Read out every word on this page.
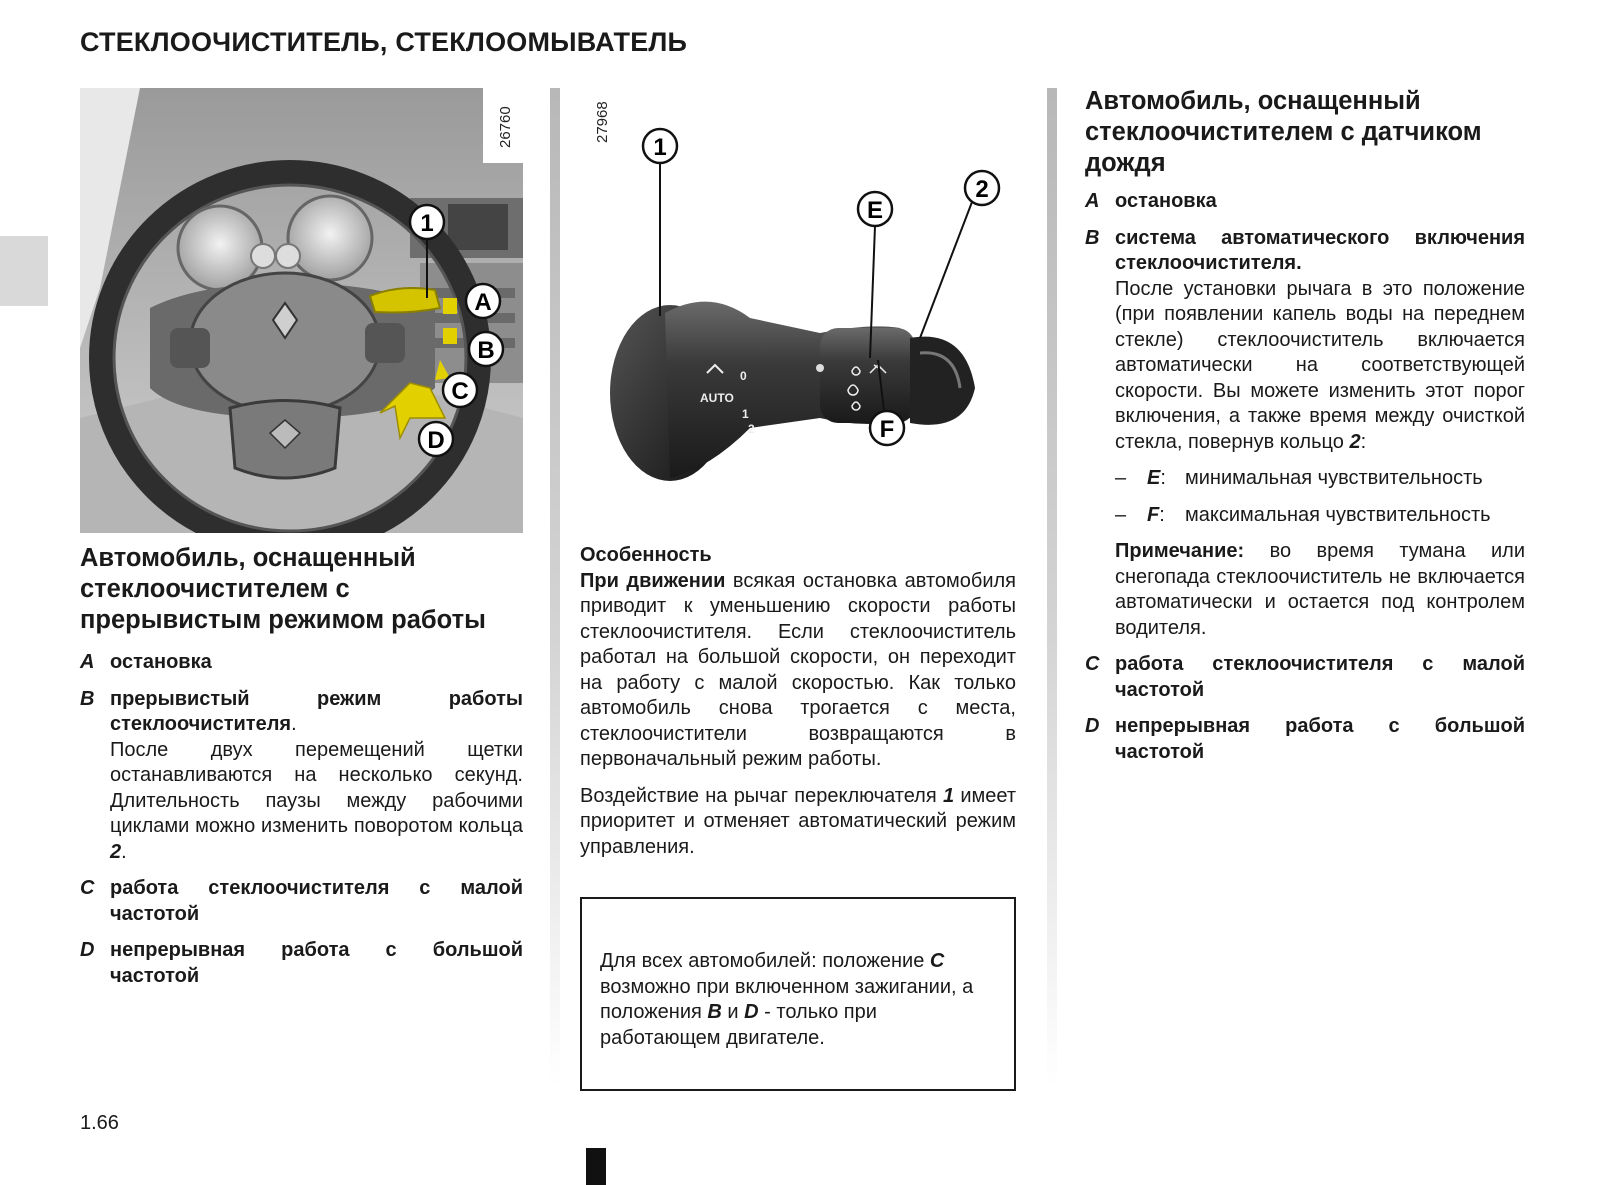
СТЕКЛООЧИСТИТЕЛЬ, СТЕКЛООМЫВАТЕЛЬ
26760
1
A
B
C
D
27968
0
AUTO
1
2
1
2
E
F
Автомобиль, оснащенный стеклоочистителем с прерывистым режимом работы
A остановка
B прерывистый режим работы стеклоочистителя.
После двух перемещений щетки останавливаются на несколько секунд. Длительность паузы между рабочими циклами можно изменить поворотом кольца 2.
C работа стеклоочистителя с малой частотой
D непрерывная работа с большой частотой
Особенность
При движении всякая остановка автомобиля приводит к уменьшению скорости работы стеклоочистителя. Если стеклоочиститель работал на большой скорости, он переходит на работу с малой скоростью. Как только автомобиль снова трогается с места, стеклоочистители возвращаются в первоначальный режим работы.
Воздействие на рычаг переключателя 1 имеет приоритет и отменяет автоматический режим управления.
Для всех автомобилей: положение C возможно при включенном зажигании, а положения B и D - только при работающем двигателе.
Автомобиль, оснащенный стеклоочистителем с датчиком дождя
A остановка
B система автоматического включения стеклоочистителя.
После установки рычага в это положение (при появлении капель воды на переднем стекле) стеклоочиститель включается автоматически на соответствующей скорости. Вы можете изменить этот порог включения, а также время между очисткой стекла, повернув кольцо 2:
– E: минимальная чувствительность
– F: максимальная чувствительность
Примечание: во время тумана или снегопада стеклоочиститель не включается автоматически и остается под контролем водителя.
C работа стеклоочистителя с малой частотой
D непрерывная работа с большой частотой
1.66
